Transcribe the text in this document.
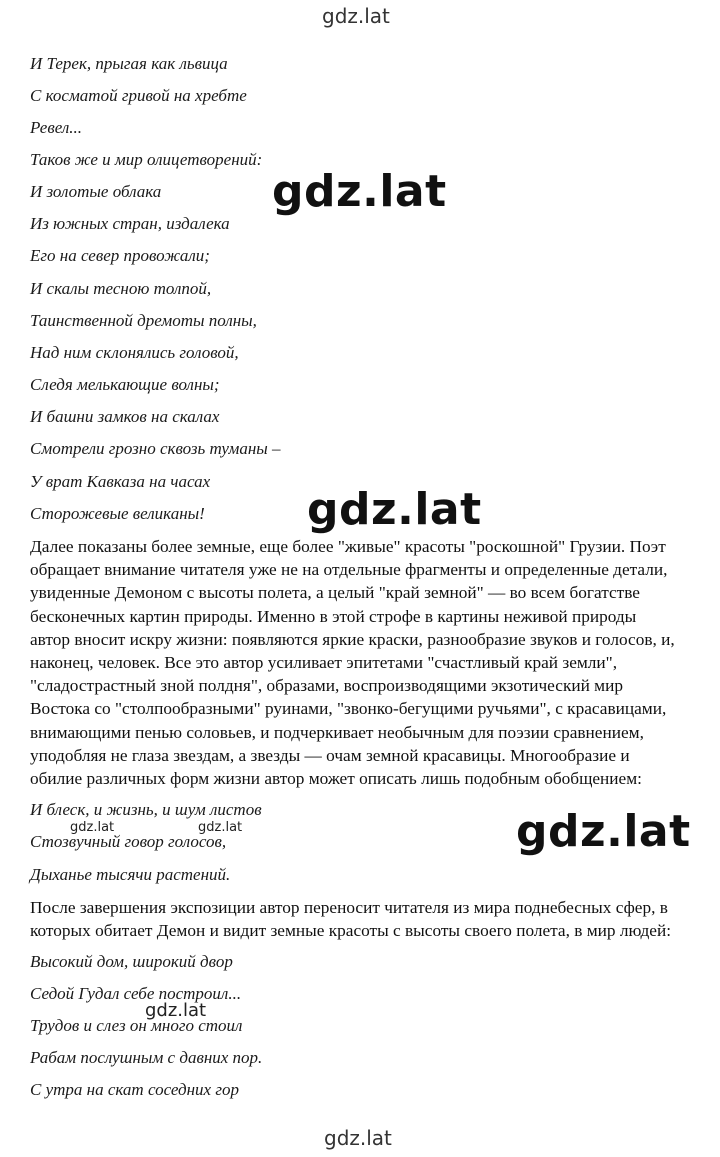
gdz.lat
gdz.lat
gdz.lat
gdz.lat
gdz.lat	gdz.lat
gdz.lat
gdz.lat

И Терек, прыгая как львица

С косматой гривой на хребте

Ревел...

Таков же и мир олицетворений:

И золотые облака

Из южных стран, издалека

Его на север провожали;

И скалы тесною толпой,

Таинственной дремоты полны,

Над ним склонялись головой,

Следя мелькающие волны;

И башни замков на скалах

Смотрели грозно сквозь туманы –

У врат Кавказа на часах

Сторожевые великаны!

Далее показаны более земные, еще более "живые" красоты "роскошной" Грузии. Поэт
обращает внимание читателя уже не на отдельные фрагменты и определенные детали,
увиденные Демоном с высоты полета, а целый "край земной" — во всем богатстве
бесконечных картин природы. Именно в этой строфе в картины неживой природы
автор вносит искру жизни: появляются яркие краски, разнообразие звуков и голосов, и,
наконец, человек. Все это автор усиливает эпитетами "счастливый край земли",
"сладострастный зной полдня", образами, воспроизводящими экзотический мир
Востока со "столпообразными" руинами, "звонко-бегущими ручьями", с красавицами,
внимающими пенью соловьев, и подчеркивает необычным для поэзии сравнением,
уподобляя не глаза звездам, а звезды — очам земной красавицы. Многообразие и
обилие различных форм жизни автор может описать лишь подобным обобщением:

И блеск, и жизнь, и шум листов

Стозвучный говор голосов,

Дыханье тысячи растений.

После завершения экспозиции автор переносит читателя из мира поднебесных сфер, в
которых обитает Демон и видит земные красоты с высоты своего полета, в мир людей:

Высокий дом, широкий двор

Седой Гудал себе построил...

Трудов и слез он много стоил

Рабам послушным с давних пор.

С утра на скат соседних гор
